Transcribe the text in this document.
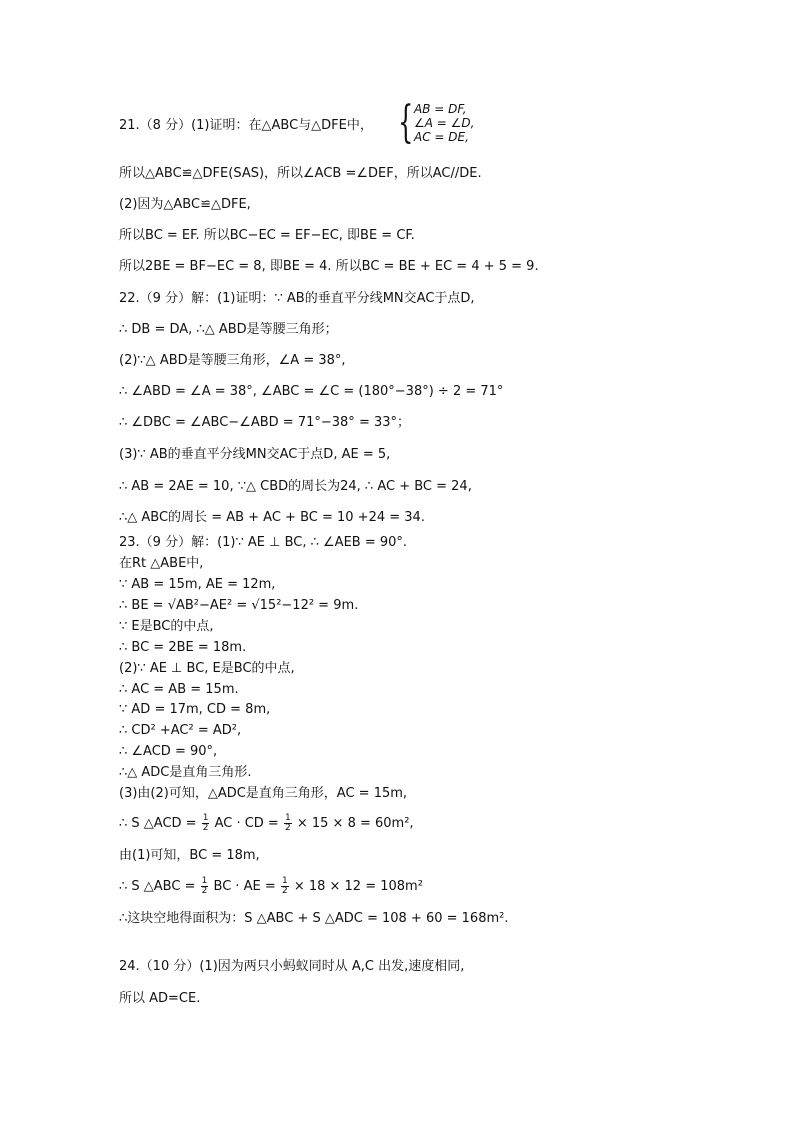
21.（8 分）(1)证明：在△ABC与△DFE中， { AB = DF,
∠A = ∠D,
AC = DE,
所以△ABC≌△DFE(SAS)，所以∠ACB =∠DEF，所以AC//DE.
(2)因为△ABC≌△DFE,
所以BC = EF. 所以BC−EC = EF−EC, 即BE = CF.
所以2BE = BF−EC = 8, 即BE = 4. 所以BC = BE + EC = 4 + 5 = 9.
22.（9 分）解：(1)证明：∵ AB的垂直平分线MN交AC于点D,
∴ DB = DA, ∴△ ABD是等腰三角形；
(2)∵△ ABD是等腰三角形，∠A = 38°,
∴ ∠ABD = ∠A = 38°, ∠ABC = ∠C = (180°−38°) ÷ 2 = 71°
∴ ∠DBC = ∠ABC−∠ABD = 71°−38° = 33°；
(3)∵ AB的垂直平分线MN交AC于点D, AE = 5,
∴ AB = 2AE = 10, ∵△ CBD的周长为24, ∴ AC + BC = 24,
∴△ ABC的周长 = AB + AC + BC = 10 +24 = 34.
23.（9 分）解：(1)∵ AE ⊥ BC, ∴ ∠AEB = 90°.
在Rt △ABE中,
∵ AB = 15m, AE = 12m,
∴ BE = √AB²−AE² = √15²−12² = 9m.
∵ E是BC的中点,
∴ BC = 2BE = 18m.
(2)∵ AE ⊥ BC, E是BC的中点,
∴ AC = AB = 15m.
∵ AD = 17m, CD = 8m,
∴ CD² +AC² = AD²,
∴ ∠ACD = 90°,
∴△ ADC是直角三角形.
(3)由(2)可知，△ADC是直角三角形，AC = 15m,
∴ S △ACD = $\frac{1}{2}$ AC · CD = $\frac{1}{2} \times 15 \times 8 = 60m^2$,
由(1)可知，BC = 18m,
∴ S △ABC = $\frac{1}{2}$ BC · AE = $\frac{1}{2} \times 18 \times 12 = 108m^2$
∴这块空地得面积为：S △ABC + S △ADC = 108 + 60 = 168m².
24.（10 分）(1)因为两只小蚂蚁同时从 A,C 出发,速度相同,
所以 AD=CE.
